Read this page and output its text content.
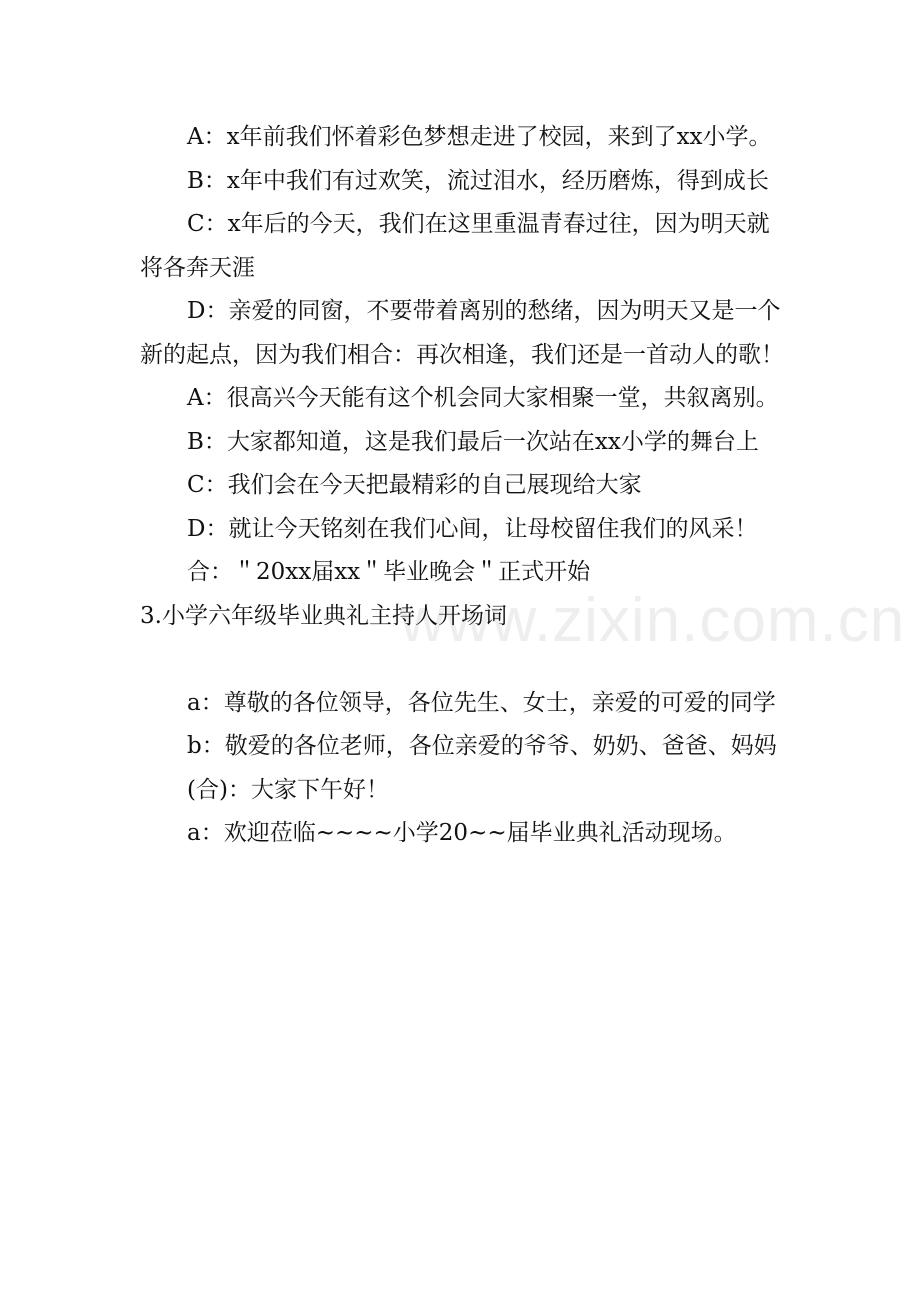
www.zixin.com.cn

A：x年前我们怀着彩色梦想走进了校园，来到了xx小学。

B：x年中我们有过欢笑，流过泪水，经历磨炼，得到成长

C：x年后的今天，我们在这里重温青春过往，因为明天就将各奔天涯

D：亲爱的同窗，不要带着离别的愁绪，因为明天又是一个新的起点，因为我们相合：再次相逢，我们还是一首动人的歌！

A：很高兴今天能有这个机会同大家相聚一堂，共叙离别。

B：大家都知道，这是我们最后一次站在xx小学的舞台上

C：我们会在今天把最精彩的自己展现给大家

D：就让今天铭刻在我们心间，让母校留住我们的风采！

合：＂20xx届xx＂毕业晚会＂正式开始

3.小学六年级毕业典礼主持人开场词

a：尊敬的各位领导，各位先生、女士，亲爱的可爱的同学

b：敬爱的各位老师，各位亲爱的爷爷、奶奶、爸爸、妈妈

(合)：大家下午好！

a：欢迎莅临~~~~小学20~~届毕业典礼活动现场。
